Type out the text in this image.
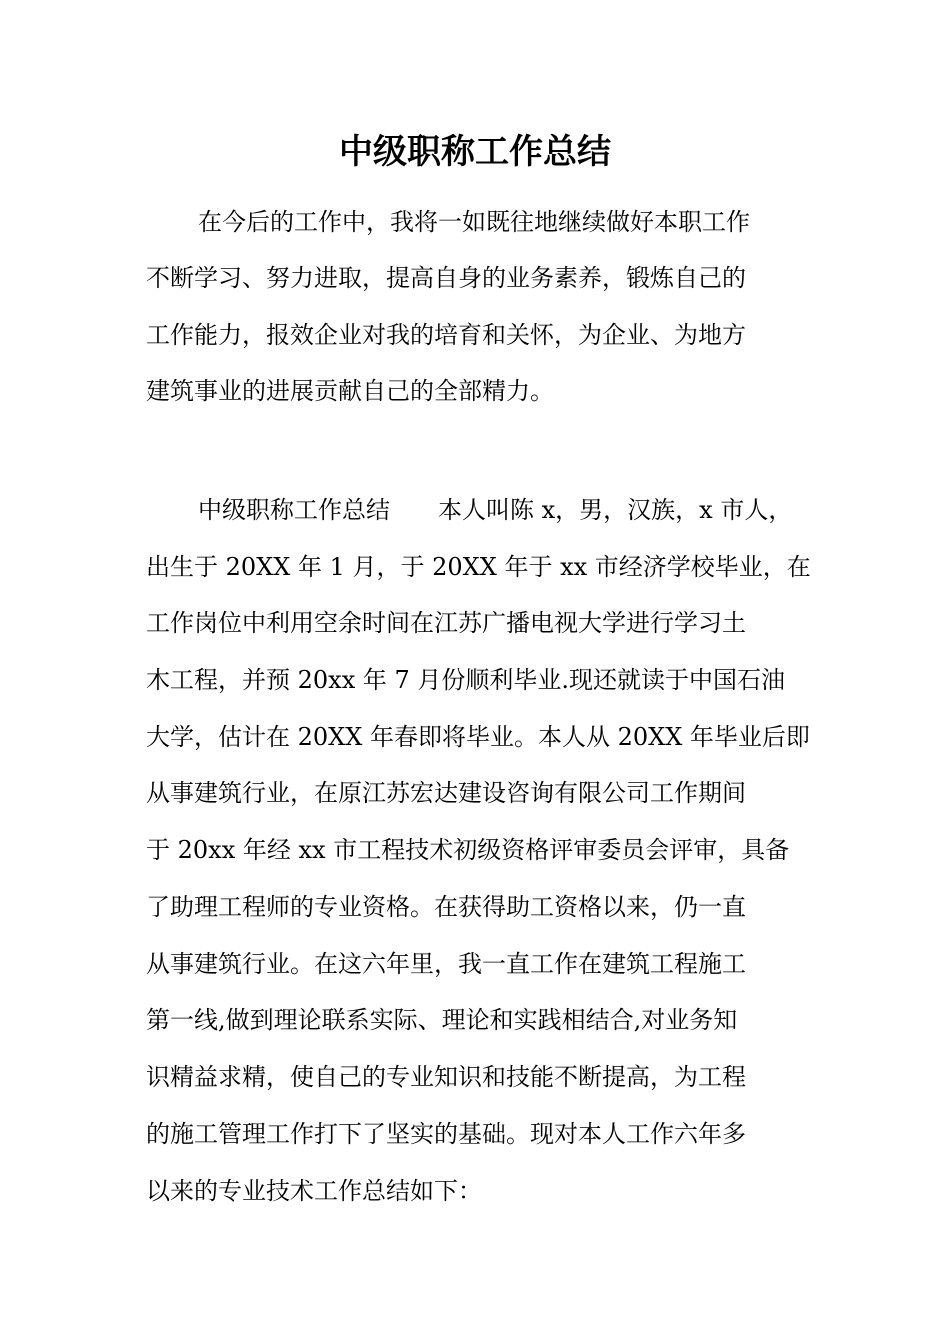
中级职称工作总结
在今后的工作中，我将一如既往地继续做好本职工作
不断学习、努力进取，提高自身的业务素养，锻炼自己的
工作能力，报效企业对我的培育和关怀，为企业、为地方
建筑事业的进展贡献自己的全部精力。
中级职称工作总结　　本人叫陈 x，男，汉族，x 市人，
出生于 20XX 年 1 月，于 20XX 年于 xx 市经济学校毕业，在
工作岗位中利用空余时间在江苏广播电视大学进行学习土
木工程，并预 20xx 年 7 月份顺利毕业.现还就读于中国石油
大学，估计在 20XX 年春即将毕业。本人从 20XX 年毕业后即
从事建筑行业，在原江苏宏达建设咨询有限公司工作期间
于 20xx 年经 xx 市工程技术初级资格评审委员会评审，具备
了助理工程师的专业资格。在获得助工资格以来，仍一直
从事建筑行业。在这六年里，我一直工作在建筑工程施工
第一线,做到理论联系实际、理论和实践相结合,对业务知
识精益求精，使自己的专业知识和技能不断提高，为工程
的施工管理工作打下了坚实的基础。现对本人工作六年多
以来的专业技术工作总结如下：
